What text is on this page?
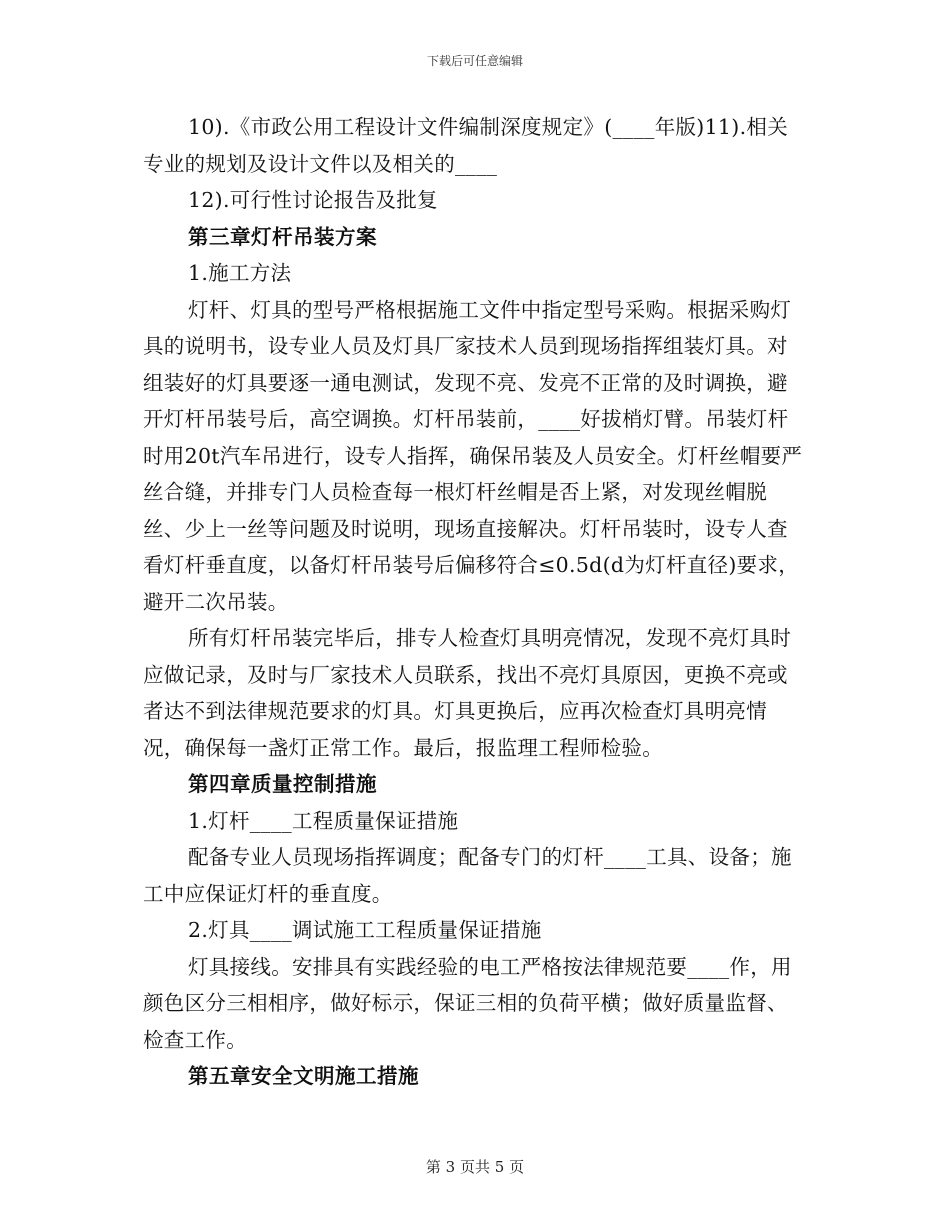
下载后可任意编辑

10).《市政公用工程设计文件编制深度规定》(____年版)11).相关专业的规划及设计文件以及相关的____

12).可行性讨论报告及批复

第三章灯杆吊装方案

1.施工方法

灯杆、灯具的型号严格根据施工文件中指定型号采购。根据采购灯具的说明书，设专业人员及灯具厂家技术人员到现场指挥组装灯具。对组装好的灯具要逐一通电测试，发现不亮、发亮不正常的及时调换，避开灯杆吊装号后，高空调换。灯杆吊装前，____好拔梢灯臂。吊装灯杆时用20t汽车吊进行，设专人指挥，确保吊装及人员安全。灯杆丝帽要严丝合缝，并排专门人员检查每一根灯杆丝帽是否上紧，对发现丝帽脱丝、少上一丝等问题及时说明，现场直接解决。灯杆吊装时，设专人查看灯杆垂直度，以备灯杆吊装号后偏移符合≤0.5d(d为灯杆直径)要求，避开二次吊装。

所有灯杆吊装完毕后，排专人检查灯具明亮情况，发现不亮灯具时应做记录，及时与厂家技术人员联系，找出不亮灯具原因，更换不亮或者达不到法律规范要求的灯具。灯具更换后，应再次检查灯具明亮情况，确保每一盏灯正常工作。最后，报监理工程师检验。

第四章质量控制措施

1.灯杆____工程质量保证措施

配备专业人员现场指挥调度；配备专门的灯杆____工具、设备；施工中应保证灯杆的垂直度。

2.灯具____调试施工工程质量保证措施

灯具接线。安排具有实践经验的电工严格按法律规范要____作，用颜色区分三相相序，做好标示，保证三相的负荷平横；做好质量监督、检查工作。

第五章安全文明施工措施

第 3 页共 5 页
